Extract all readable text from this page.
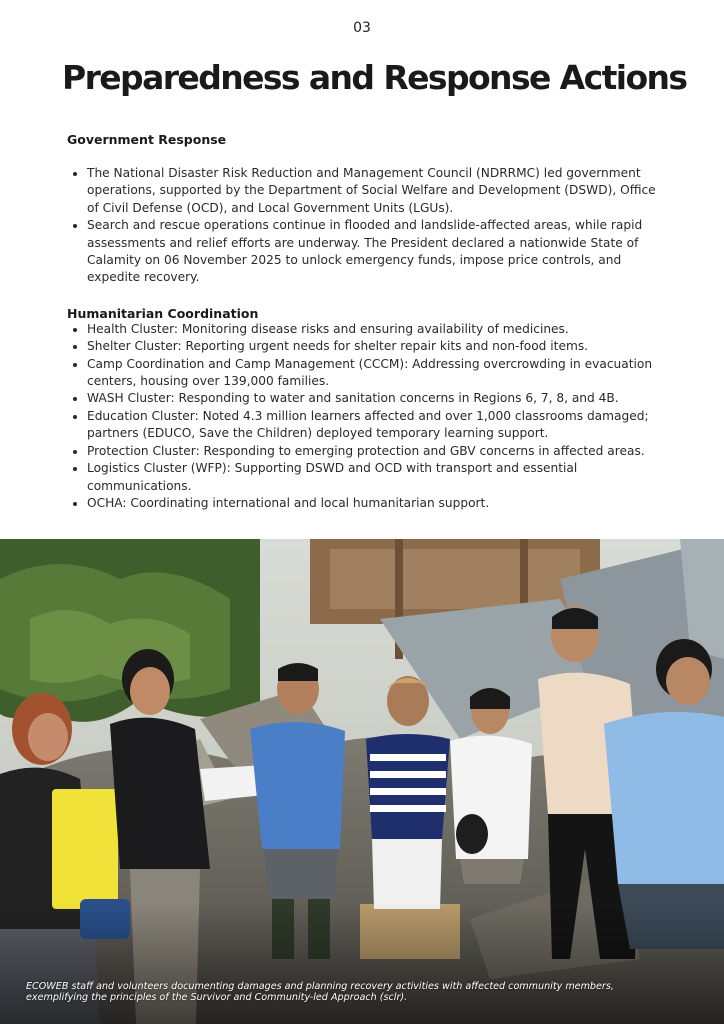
03
Preparedness and Response Actions
Government Response
• The National Disaster Risk Reduction and Management Council (NDRRMC) led government operations, supported by the Department of Social Welfare and Development (DSWD), Office of Civil Defense (OCD), and Local Government Units (LGUs).
• Search and rescue operations continue in flooded and landslide-affected areas, while rapid assessments and relief efforts are underway. The President declared a nationwide State of Calamity on 06 November 2025 to unlock emergency funds, impose price controls, and expedite recovery.
Humanitarian Coordination
• Health Cluster: Monitoring disease risks and ensuring availability of medicines.
• Shelter Cluster: Reporting urgent needs for shelter repair kits and non-food items.
• Camp Coordination and Camp Management (CCCM): Addressing overcrowding in evacuation centers, housing over 139,000 families.
• WASH Cluster: Responding to water and sanitation concerns in Regions 6, 7, 8, and 4B.
• Education Cluster: Noted 4.3 million learners affected and over 1,000 classrooms damaged; partners (EDUCO, Save the Children) deployed temporary learning support.
• Protection Cluster: Responding to emerging protection and GBV concerns in affected areas.
• Logistics Cluster (WFP): Supporting DSWD and OCD with transport and essential communications.
• OCHA: Coordinating international and local humanitarian support.
ECOWEB staff and volunteers documenting damages and planning recovery activities with affected community members, exemplifying the principles of the Survivor and Community-led Approach (sclr).
